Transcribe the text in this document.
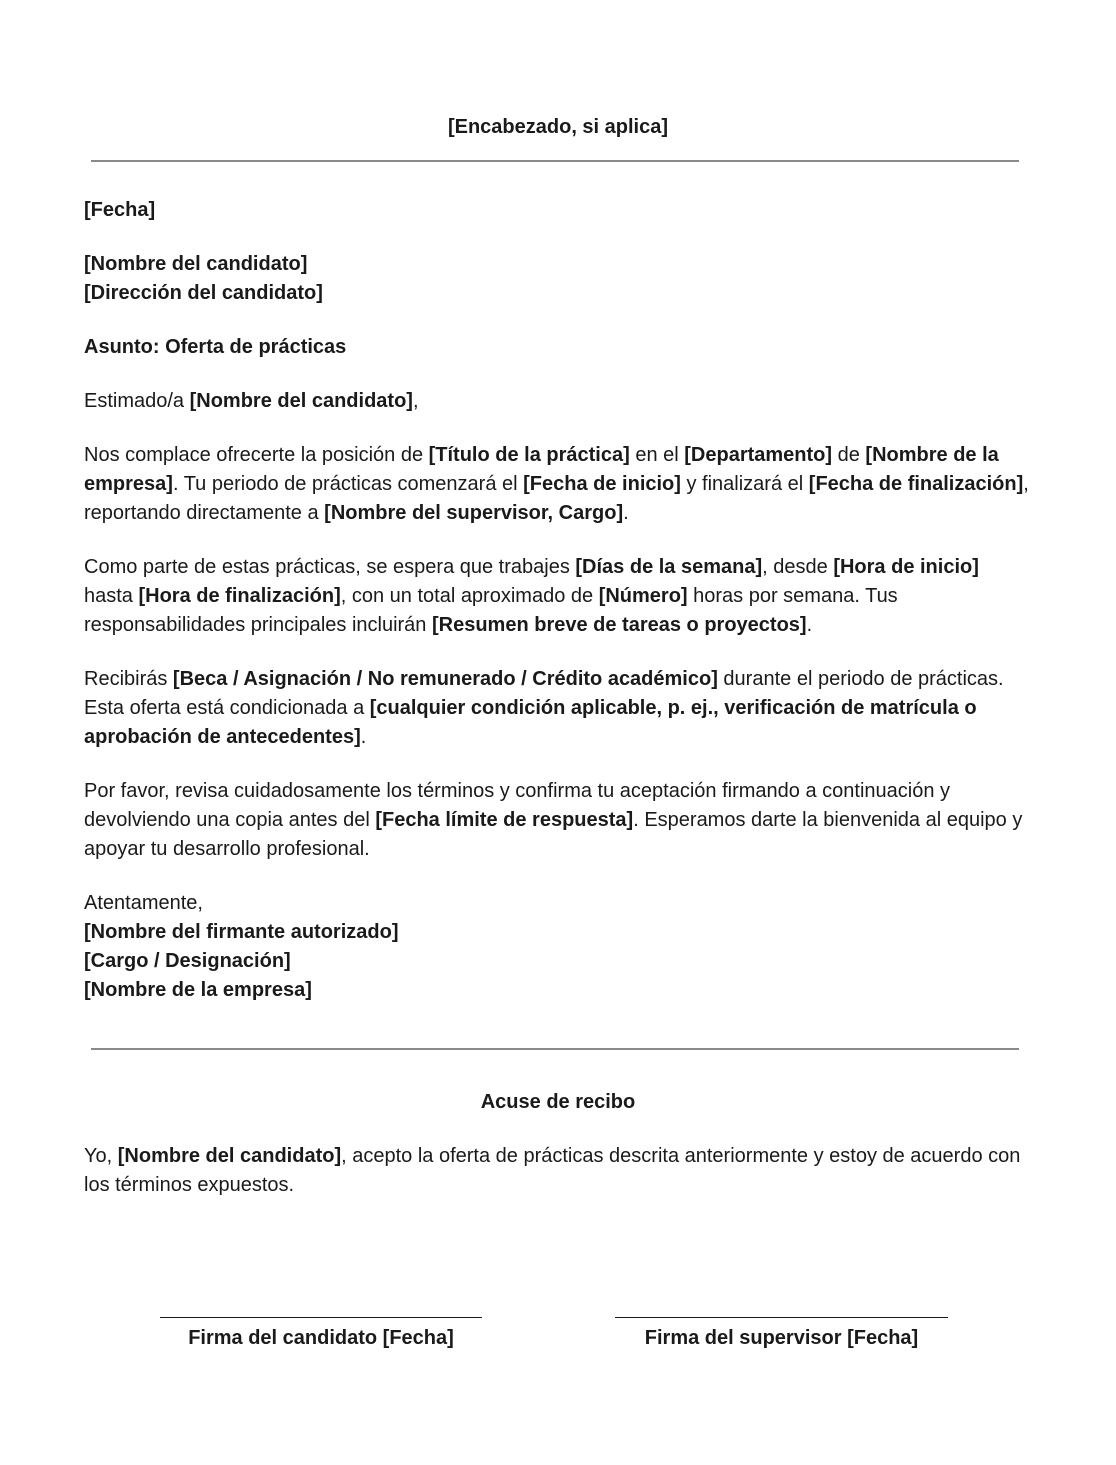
[Encabezado, si aplica]

[Fecha]

[Nombre del candidato]

[Dirección del candidato]

Asunto: Oferta de prácticas

Estimado/a [Nombre del candidato],

Nos complace ofrecerte la posición de [Título de la práctica] en el [Departamento] de [Nombre de la empresa]. Tu periodo de prácticas comenzará el [Fecha de inicio] y finalizará el [Fecha de finalización], reportando directamente a [Nombre del supervisor, Cargo].

Como parte de estas prácticas, se espera que trabajes [Días de la semana], desde [Hora de inicio] hasta [Hora de finalización], con un total aproximado de [Número] horas por semana. Tus responsabilidades principales incluirán [Resumen breve de tareas o proyectos].

Recibirás [Beca / Asignación / No remunerado / Crédito académico] durante el periodo de prácticas. Esta oferta está condicionada a [cualquier condición aplicable, p. ej., verificación de matrícula o aprobación de antecedentes].

Por favor, revisa cuidadosamente los términos y confirma tu aceptación firmando a continuación y devolviendo una copia antes del [Fecha límite de respuesta]. Esperamos darte la bienvenida al equipo y apoyar tu desarrollo profesional.

Atentamente,

[Nombre del firmante autorizado]

[Cargo / Designación]

[Nombre de la empresa]

Acuse de recibo

Yo, [Nombre del candidato], acepto la oferta de prácticas descrita anteriormente y estoy de acuerdo con los términos expuestos.

Firma del candidato [Fecha]	Firma del supervisor [Fecha]
